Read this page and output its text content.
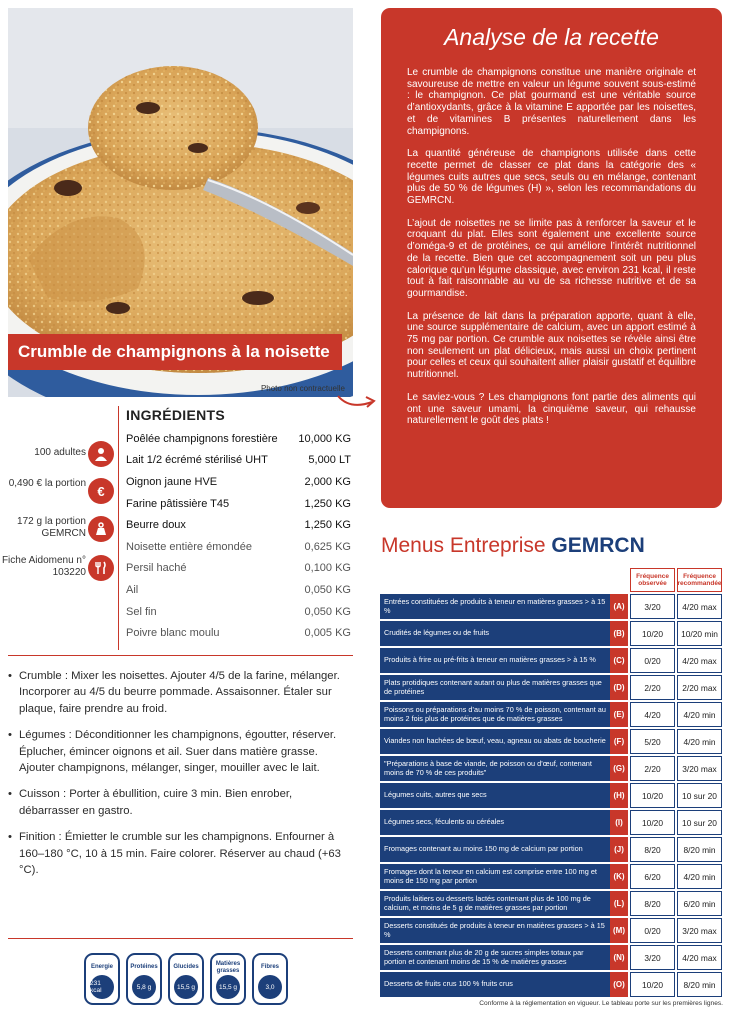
Photo non contractuelle
Crumble de champignons à la noisette
Analyse de la recette

Le crumble de champignons constitue une manière originale et savoureuse de mettre en valeur un légume souvent sous-estimé : le champignon. Ce plat gourmand est une véritable source d’antioxydants, grâce à la vitamine E apportée par les noisettes, et de vitamines B présentes naturellement dans les champignons.

La quantité généreuse de champignons utilisée dans cette recette permet de classer ce plat dans la catégorie des « légumes cuits autres que secs, seuls ou en mélange, contenant plus de 50 % de légumes (H) », selon les recommandations du GEMRCN.

L’ajout de noisettes ne se limite pas à renforcer la saveur et le croquant du plat. Elles sont également une excellente source d’oméga-9 et de protéines, ce qui améliore l’intérêt nutritionnel de la recette. Bien que cet accompagnement soit un peu plus calorique qu’un légume classique, avec environ 231 kcal, il reste tout à fait raisonnable au vu de sa richesse nutritive et de sa gourmandise.

La présence de lait dans la préparation apporte, quant à elle, une source supplémentaire de calcium, avec un apport estimé à 75 mg par portion. Ce crumble aux noisettes se révèle ainsi être non seulement un plat délicieux, mais aussi un choix pertinent pour celles et ceux qui souhaitent allier plaisir gustatif et équilibre nutritionnel.

Le saviez-vous ? Les champignons font partie des aliments qui ont une saveur umami, la cinquième saveur, qui rehausse naturellement le goût des plats !

INGRÉDIENTS
Poêlée champignons forestière 10,000 KG
Lait 1/2 écrémé stérilisé UHT	5,000 LT
Oignon jaune HVE	2,000 KG
Farine pâtissière T45	1,250 KG
Beurre doux	1,250 KG
Noisette entière émondée	0,625 KG
Persil haché	0,100 KG
Ail	0,050 KG
Sel fin	0,050 KG
Poivre blanc moulu	0,005 KG
100 adultes
0,490 € la portion €
172 g la portion GEMRCN
Fiche Aidomenu n° 103220
• Crumble : Mixer les noisettes. Ajouter 4/5 de la farine, mélanger. Incorporer au 4/5 du beurre pommade. Assaisonner. Étaler sur plaque, faire prendre au froid.
• Légumes : Déconditionner les champignons, égoutter, réserver.
Éplucher, émincer oignons et ail. Suer dans matière grasse. Ajouter champignons, mélanger, singer, mouiller avec le lait.
• Cuisson : Porter à ébullition, cuire 3 min. Bien enrober, débarrasser en gastro.
• Finition : Émietter le crumble sur les champignons. Enfourner à 160–180 °C, 10 à 15 min. Faire colorer. Réserver au chaud (+63 °C).
Energie
231 kcal
Protéines
5,8 g
Glucides
15,5 g
Matières grasses
15,5 g
Fibres
3,0
Menus Entreprise GEMRCN
Fréquence observée
Fréquence recommandée
Entrées constituées de produits à teneur en matières grasses > à 15 %	(A)	3/20	4/20 max
Crudités de légumes ou de fruits	(B)	10/20	10/20 min
Produits à frire ou pré-frits à teneur en matières grasses > à 15 %	(C)	0/20	4/20 max
Plats protidiques contenant autant ou plus de matières grasses que de protéines	(D)	2/20	2/20 max
Poissons ou préparations d’au moins 70 % de poisson, contenant au moins 2 fois plus de protéines que de matières grasses	(E)	4/20	4/20 min
Viandes non hachées de bœuf, veau, agneau ou abats de boucherie	(F)	5/20	4/20 min
"Préparations à base de viande, de poisson ou d’œuf, contenant moins de 70 % de ces produits"	(G)	2/20	3/20 max
Légumes cuits, autres que secs	(H)	10/20	10 sur 20
Légumes secs, féculents ou céréales	(I)	10/20	10 sur 20
Fromages contenant au moins 150 mg de calcium par portion	(J)	8/20	8/20 min
Fromages dont la teneur en calcium est comprise entre 100 mg et moins de 150 mg par portion	(K)	6/20	4/20 min
Produits laitiers ou desserts lactés contenant plus de 100 mg de calcium, et moins de 5 g de matières grasses par portion	(L)	8/20	6/20 min
Desserts constitués de produits à teneur en matières grasses > à 15 %	(M)	0/20	3/20 max
Desserts contenant plus de 20 g de sucres simples totaux par portion et contenant moins de 15 % de matières grasses	(N)	3/20	4/20 max
Desserts de fruits crus 100 % fruits crus	(O)	10/20	8/20 min
Conforme à la réglementation en vigueur. Le tableau porte sur les premières lignes.
